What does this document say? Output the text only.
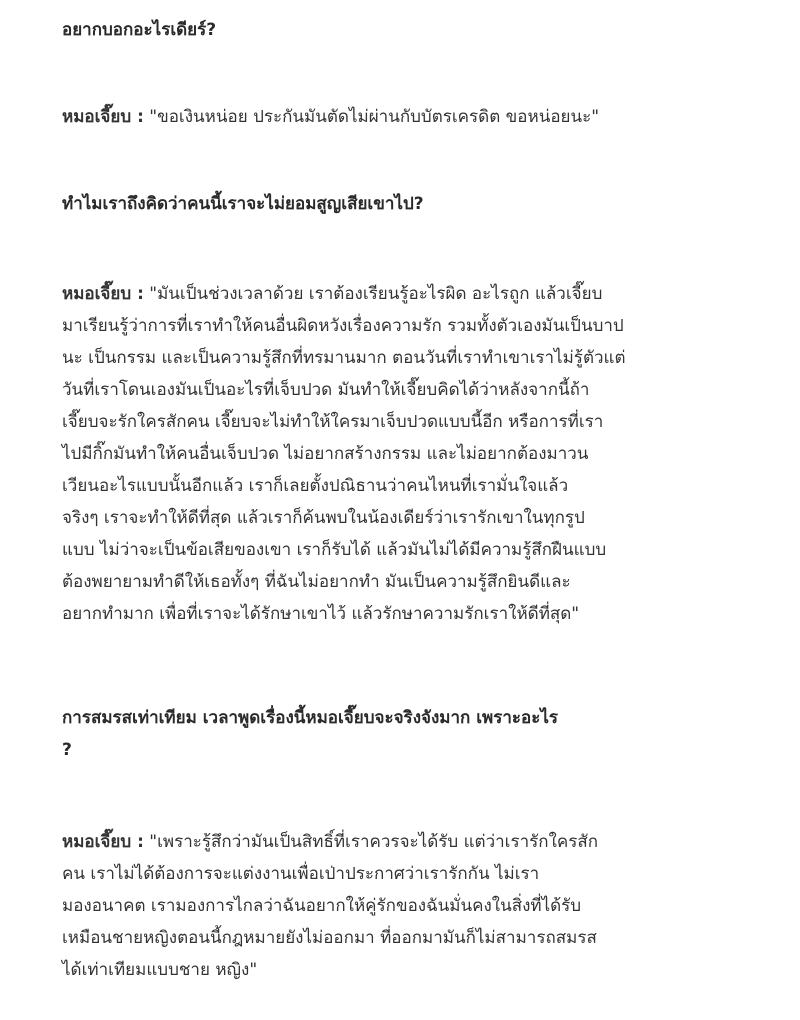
อยากบอกอะไรเดียร์?

หมอเจี๊ยบ : "ขอเงินหน่อย ประกันมันตัดไม่ผ่านกับบัตรเครดิต ขอหน่อยนะ"

ทำไมเราถึงคิดว่าคนนี้เราจะไม่ยอมสูญเสียเขาไป?

หมอเจี๊ยบ : "มันเป็นช่วงเวลาด้วย เราต้องเรียนรู้อะไรผิด อะไรถูก แล้วเจี๊ยบ
มาเรียนรู้ว่าการที่เราทำให้คนอื่นผิดหวังเรื่องความรัก รวมทั้งตัวเองมันเป็นบาป
นะ เป็นกรรม และเป็นความรู้สึกที่ทรมานมาก ตอนวันที่เราทำเขาเราไม่รู้ตัวแต่
วันที่เราโดนเองมันเป็นอะไรที่เจ็บปวด มันทำให้เจี๊ยบคิดได้ว่าหลังจากนี้ถ้า
เจี๊ยบจะรักใครสักคน เจี๊ยบจะไม่ทำให้ใครมาเจ็บปวดแบบนี้อีก หรือการที่เรา
ไปมีกิ๊กมันทำให้คนอื่นเจ็บปวด ไม่อยากสร้างกรรม และไม่อยากต้องมาวน
เวียนอะไรแบบนั้นอีกแล้ว เราก็เลยตั้งปณิธานว่าคนไหนที่เรามั่นใจแล้ว
จริงๆ เราจะทำให้ดีที่สุด แล้วเราก็ค้นพบในน้องเดียร์ว่าเรารักเขาในทุกรูป
แบบ ไม่ว่าจะเป็นข้อเสียของเขา เราก็รับได้ แล้วมันไม่ได้มีความรู้สึกฝืนแบบ
ต้องพยายามทำดีให้เธอทั้งๆ ที่ฉันไม่อยากทำ มันเป็นความรู้สึกยินดีและ
อยากทำมาก เพื่อที่เราจะได้รักษาเขาไว้ แล้วรักษาความรักเราให้ดีที่สุด"

การสมรสเท่าเทียม เวลาพูดเรื่องนี้หมอเจี๊ยบจะจริงจังมาก เพราะอะไร
?

หมอเจี๊ยบ : "เพราะรู้สึกว่ามันเป็นสิทธิ์ที่เราควรจะได้รับ แต่ว่าเรารักใครสัก
คน เราไม่ได้ต้องการจะแต่งงานเพื่อเป่าประกาศว่าเรารักกัน ไม่เรา
มองอนาคต เรามองการไกลว่าฉันอยากให้คู่รักของฉันมั่นคงในสิ่งที่ได้รับ
เหมือนชายหญิงตอนนี้กฎหมายยังไม่ออกมา ที่ออกมามันก็ไม่สามารถสมรส
ได้เท่าเทียมแบบชาย หญิง"
